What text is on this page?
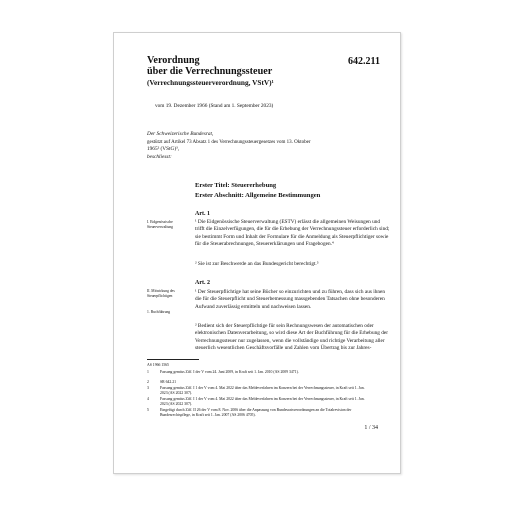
Verordnung
über die Verrechnungssteuer
(Verrechnungssteuerverordnung, VStV)¹
642.211
vom 19. Dezember 1966 (Stand am 1. September 2023)
Der Schweizerische Bundesrat,
gestützt auf Artikel 73 Absatz 1 des Verrechnungssteuergesetzes vom 13. Oktober
1965² (VStG)³,
beschliesst:
Erster Titel: Steuererhebung
Erster Abschnitt: Allgemeine Bestimmungen
Art. 1
I. Eidgenössische Steuerverwaltung
¹ Die Eidgenössische Steuerverwaltung (ESTV) erlässt die allgemeinen Weisungen und trifft die Einzelverfügungen, die für die Erhebung der Verrechnungssteuer erforderlich sind; sie bestimmt Form und Inhalt der Formulare für die Anmeldung als Steuerpflichtiger sowie für die Steuerabrechnungen, Steuererklärungen und Fragebogen.⁴
² Sie ist zur Beschwerde an das Bundesgericht berechtigt.⁵
Art. 2
II. Mitwirkung des Steuerpflichtigen
1. Buchführung
¹ Der Steuerpflichtige hat seine Bücher so einzurichten und zu führen, dass sich aus ihnen die für die Steuerpflicht und Steuerbemessung massgebenden Tatsachen ohne besonderen Aufwand zuverlässig ermitteln und nachweisen lassen.
² Bedient sich der Steuerpflichtige für sein Rechnungswesen der automatischen oder elektronischen Datenverarbeitung, so wird diese Art der Buchführung für die Erhebung der Verrechnungssteuer nur zugelassen, wenn die vollständige und richtige Verarbeitung aller steuerlich wesentlichen Geschäftsvorfälle und Zahlen vom Übertrag bis zur Jahres-
AS 1966 1565
1	Fassung gemäss Ziff. I der V vom 24. Juni 2009, in Kraft seit 1. Jan. 2010 (AS 2009 3471).
2	SR 642.21
3	Fassung gemäss Ziff. I 1 der V vom 4. Mai 2022 über das Meldeverfahren im Konzern bei der Verrechnungssteuer, in Kraft seit 1. Jan. 2023 (AS 2022 307).
4	Fassung gemäss Ziff. I 1 der V vom 4. Mai 2022 über das Meldeverfahren im Konzern bei der Verrechnungssteuer, in Kraft seit 1. Jan. 2023 (AS 2022 307).
5	Eingefügt durch Ziff. II 26 der V vom 8. Nov. 2006 über die Anpassung von Bundesratsverordnungen an die Totalrevision der Bundesrechtspflege, in Kraft seit 1. Jan. 2007 (AS 2006 4705).
1 / 34
